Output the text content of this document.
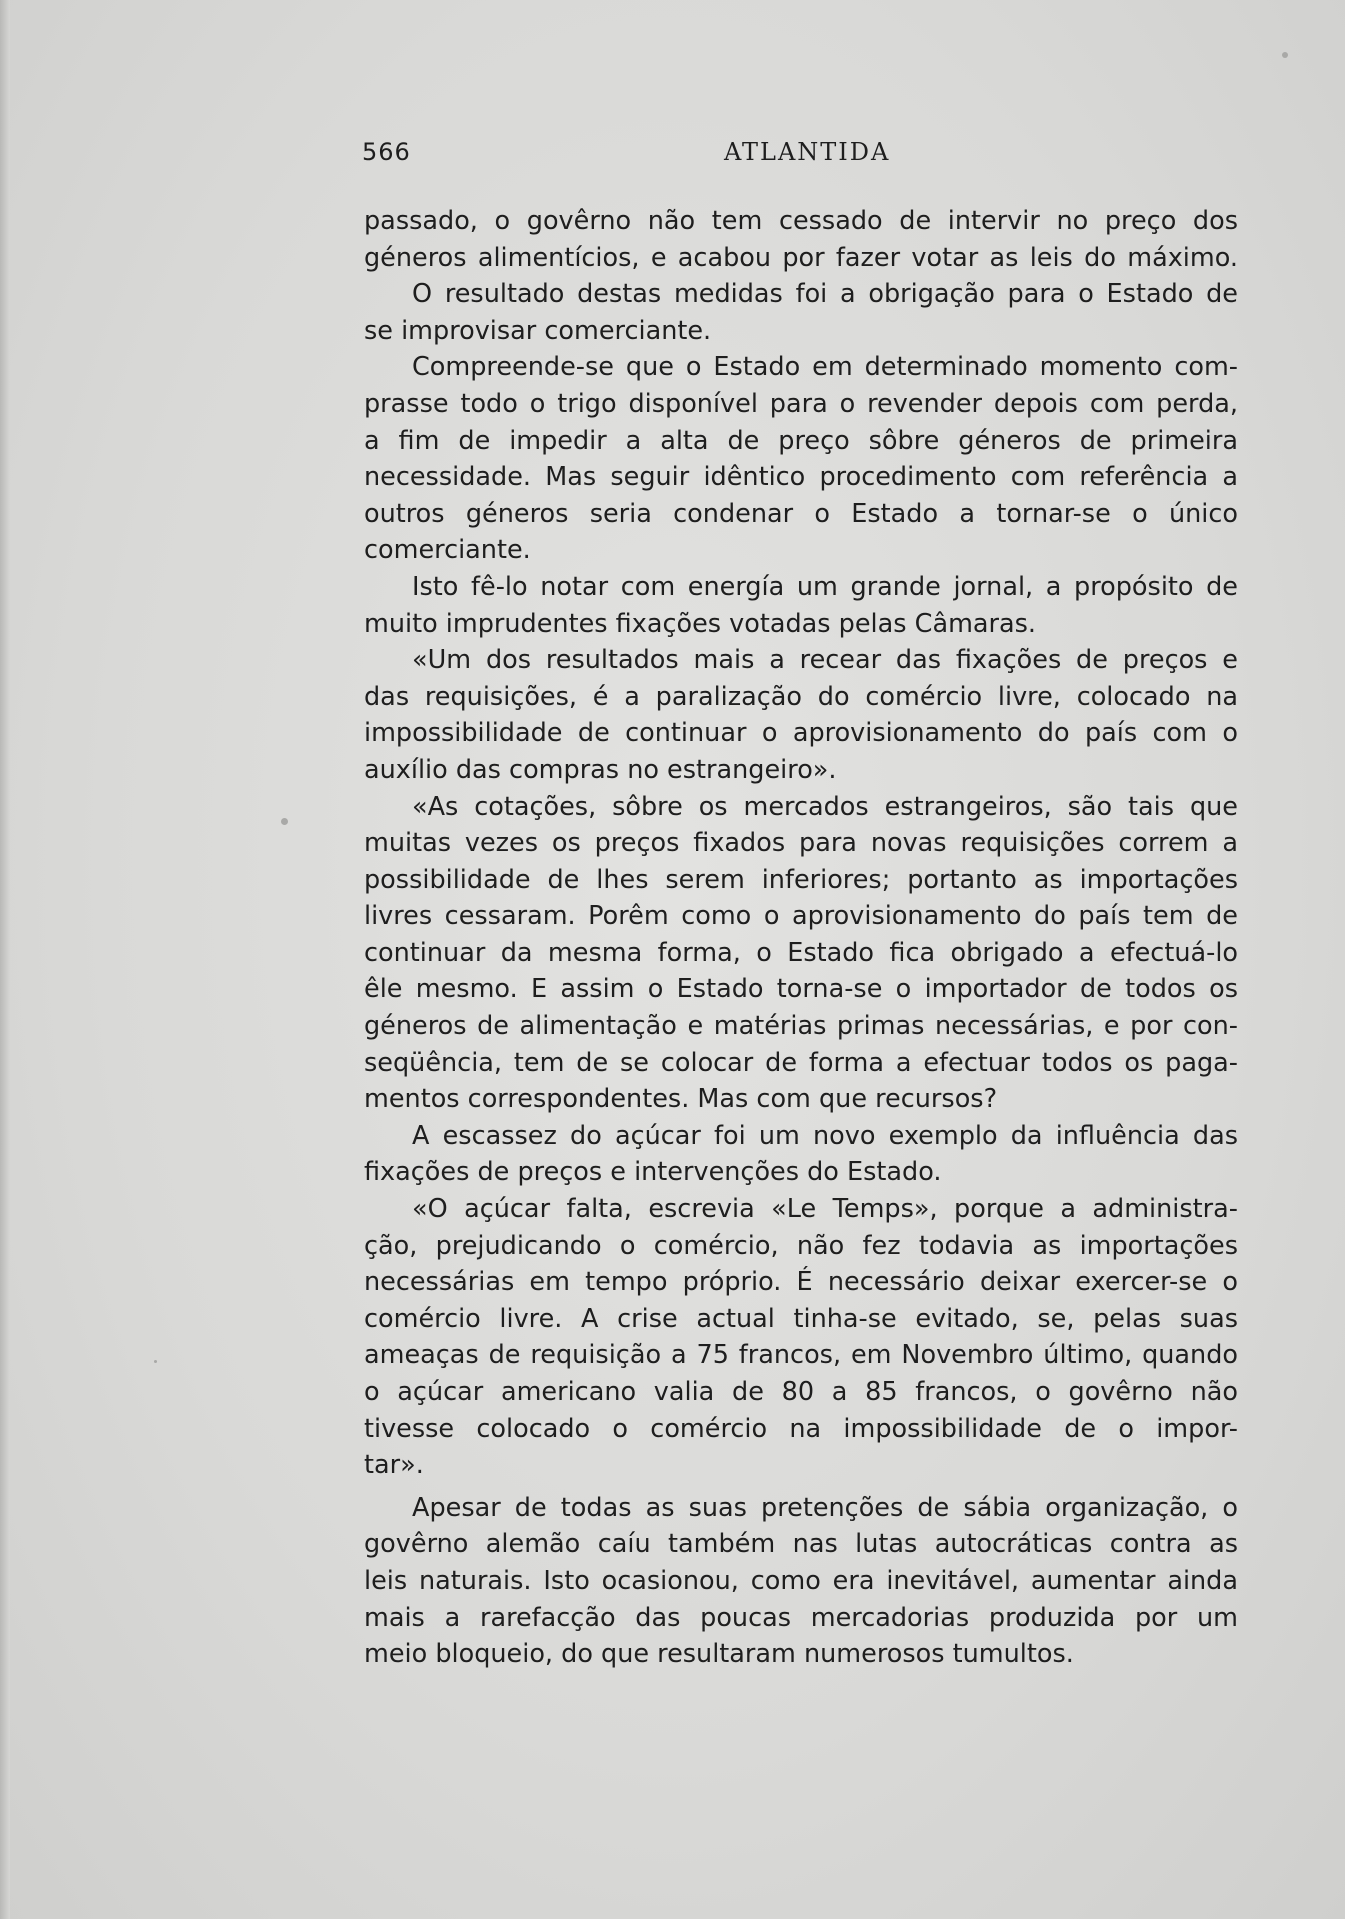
566	ATLANTIDA
passado, o govêrno não tem cessado de intervir no preço dos
géneros alimentícios, e acabou por fazer votar as leis do máximo.
O resultado destas medidas foi a obrigação para o Estado de
se improvisar comerciante.
Compreende-se que o Estado em determinado momento com-
prasse todo o trigo disponível para o revender depois com perda,
a fim de impedir a alta de preço sôbre géneros de primeira
necessidade. Mas seguir idêntico procedimento com referência a
outros géneros seria condenar o Estado a tornar-se o único
comerciante.
Isto fê-lo notar com energía um grande jornal, a propósito de
muito imprudentes fixações votadas pelas Câmaras.
«Um dos resultados mais a recear das fixações de preços e
das requisições, é a paralização do comércio livre, colocado na
impossibilidade de continuar o aprovisionamento do país com o
auxílio das compras no estrangeiro».
«As cotações, sôbre os mercados estrangeiros, são tais que
muitas vezes os preços fixados para novas requisições correm a
possibilidade de lhes serem inferiores; portanto as importações
livres cessaram. Porêm como o aprovisionamento do país tem de
continuar da mesma forma, o Estado fica obrigado a efectuá-lo
êle mesmo. E assim o Estado torna-se o importador de todos os
géneros de alimentação e matérias primas necessárias, e por con-
seqüência, tem de se colocar de forma a efectuar todos os paga-
mentos correspondentes. Mas com que recursos?
A escassez do açúcar foi um novo exemplo da influência das
fixações de preços e intervenções do Estado.
«O açúcar falta, escrevia «Le Temps», porque a administra-
ção, prejudicando o comércio, não fez todavia as importações
necessárias em tempo próprio. É necessário deixar exercer-se o
comércio livre. A crise actual tinha-se evitado, se, pelas suas
ameaças de requisição a 75 francos, em Novembro último, quando
o açúcar americano valia de 80 a 85 francos, o govêrno não
tivesse colocado o comércio na impossibilidade de o impor-
tar».
Apesar de todas as suas pretenções de sábia organização, o
govêrno alemão caíu também nas lutas autocráticas contra as
leis naturais. Isto ocasionou, como era inevitável, aumentar ainda
mais a rarefacção das poucas mercadorias produzida por um
meio bloqueio, do que resultaram numerosos tumultos.
